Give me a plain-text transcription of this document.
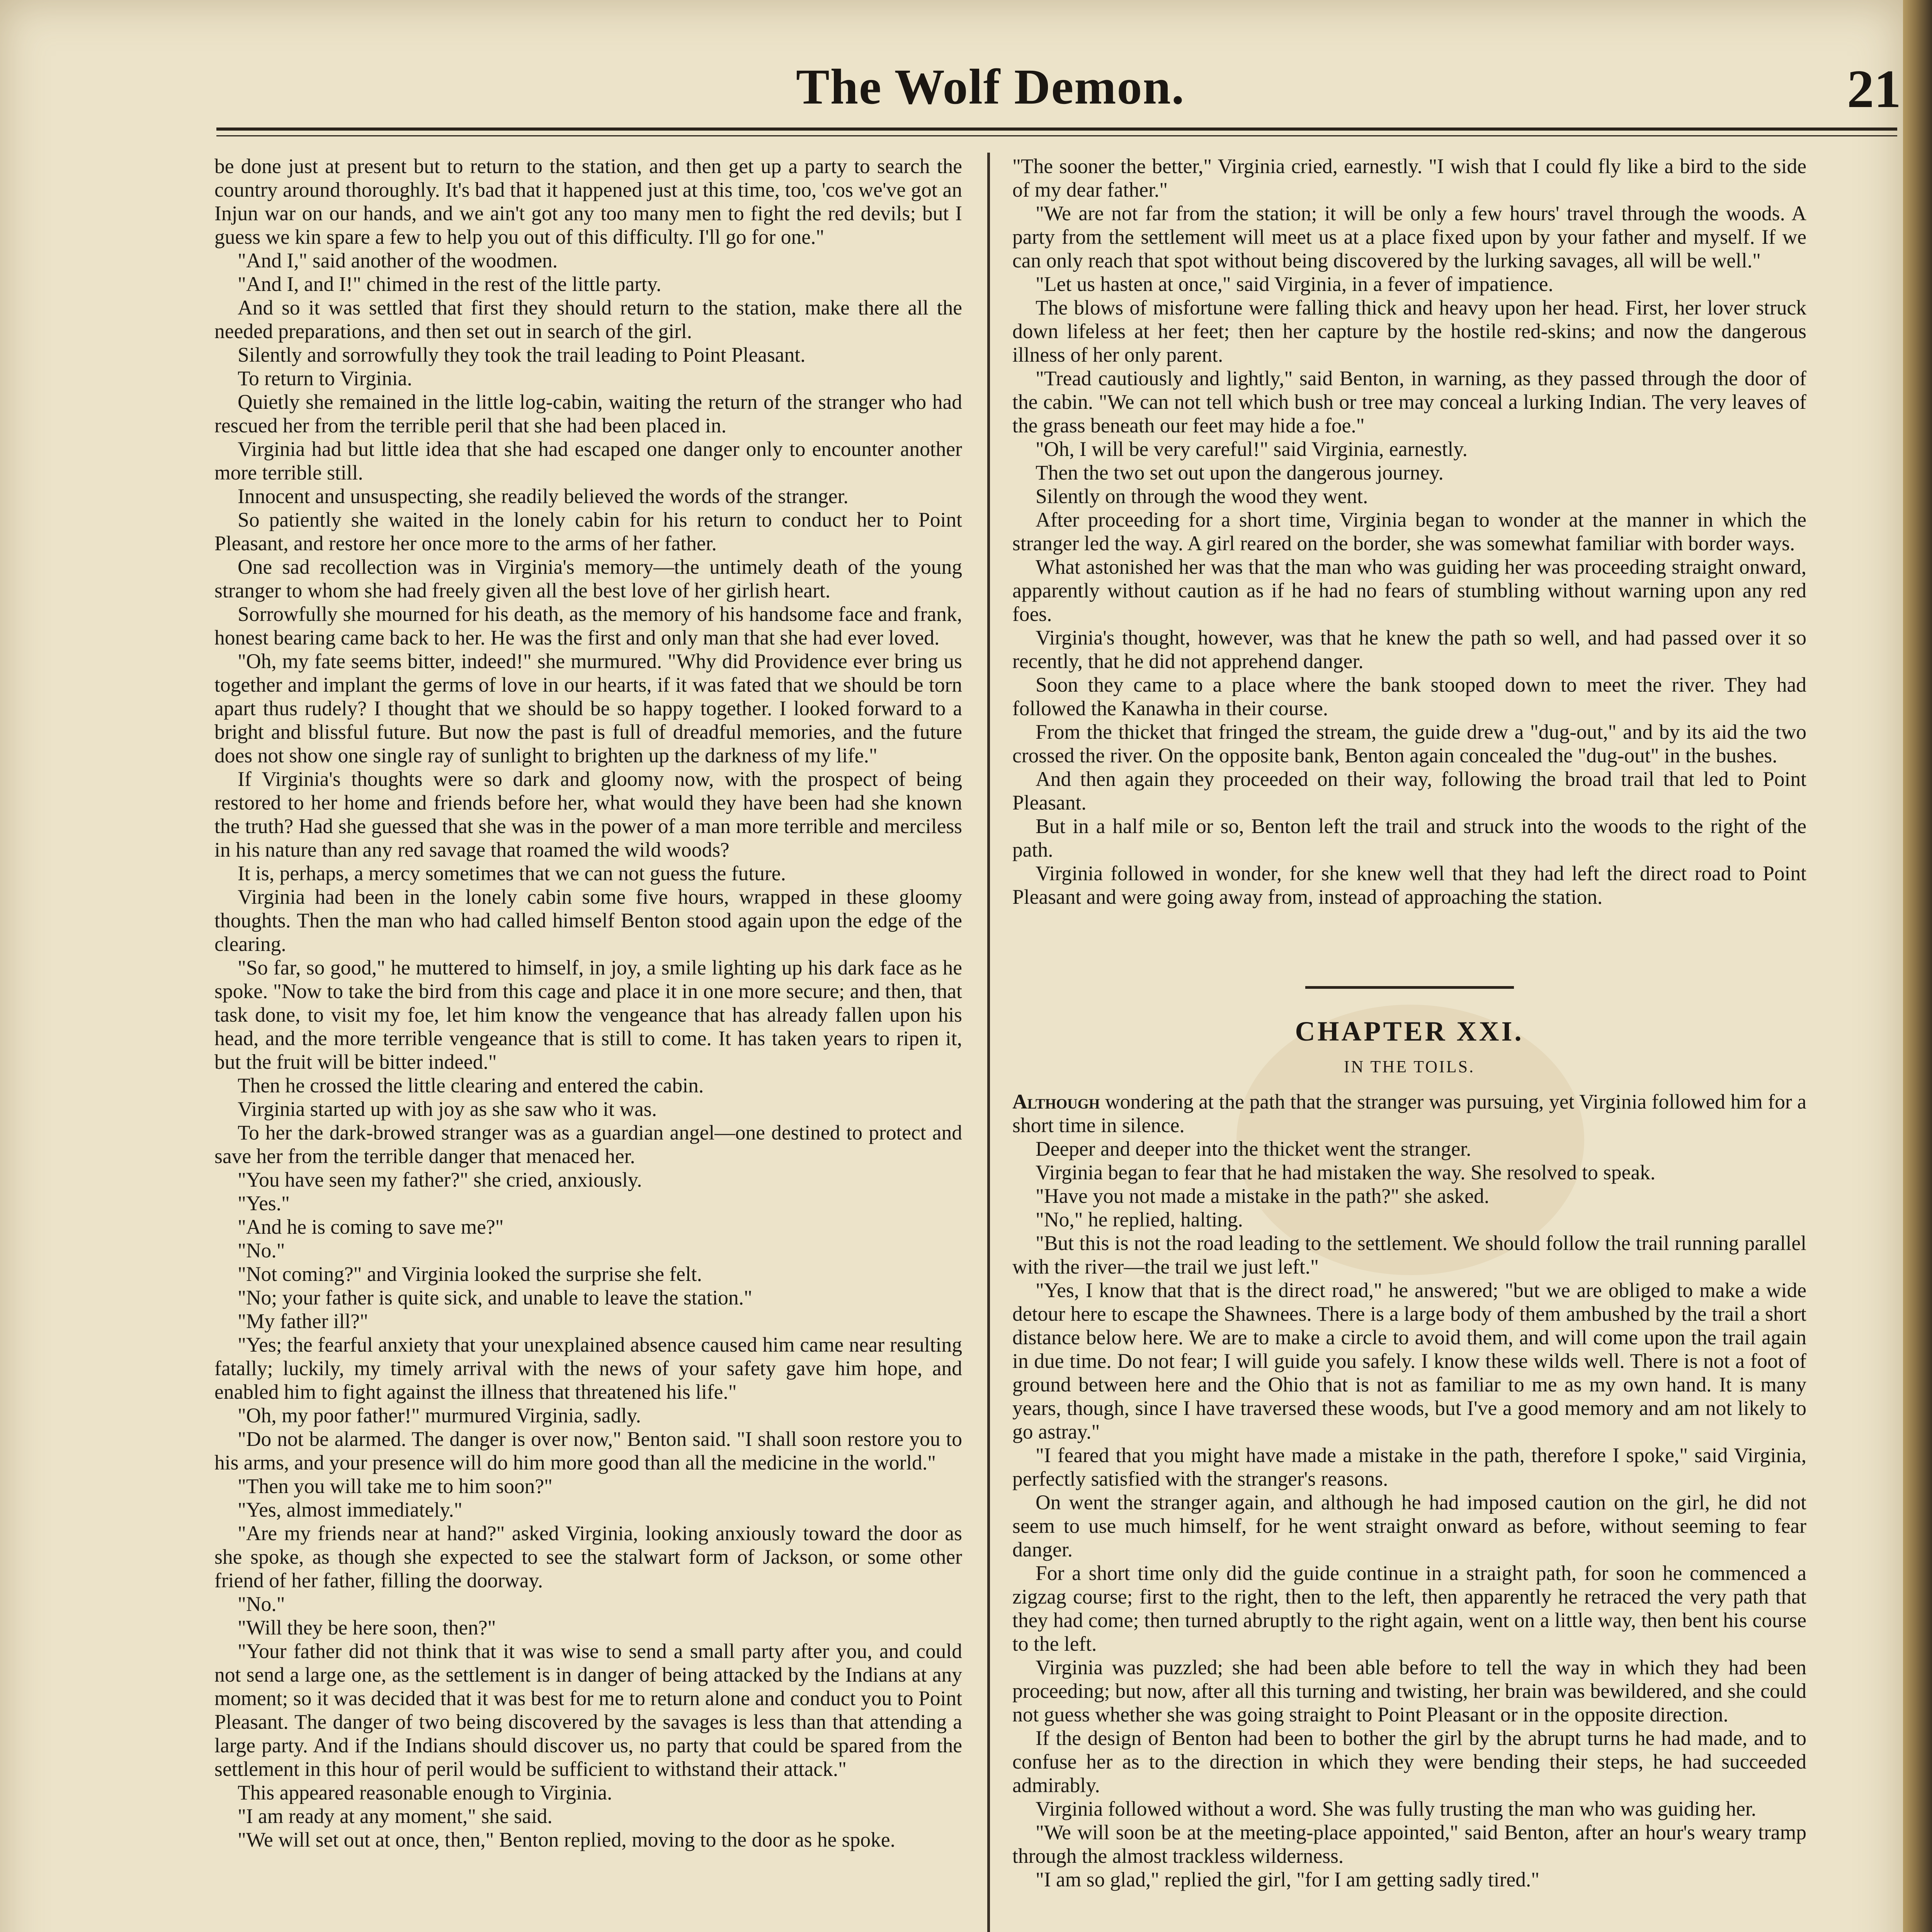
The Wolf Demon.	21

be done just at present but to return to the station, and then get up a party to search the country around thoroughly. It's bad that it happened just at this time, too, 'cos we've got an Injun war on our hands, and we ain't got any too many men to fight the red devils; but I guess we kin spare a few to help you out of this difficulty. I'll go for one."

"And I," said another of the woodmen.

"And I, and I!" chimed in the rest of the little party.

And so it was settled that first they should return to the station, make there all the needed preparations, and then set out in search of the girl.

Silently and sorrowfully they took the trail leading to Point Pleasant.

To return to Virginia.

Quietly she remained in the little log-cabin, waiting the return of the stranger who had rescued her from the terrible peril that she had been placed in.

Virginia had but little idea that she had escaped one danger only to encounter another more terrible still.

Innocent and unsuspecting, she readily believed the words of the stranger.

So patiently she waited in the lonely cabin for his return to conduct her to Point Pleasant, and restore her once more to the arms of her father.

One sad recollection was in Virginia's memory—the untimely death of the young stranger to whom she had freely given all the best love of her girlish heart.

Sorrowfully she mourned for his death, as the memory of his handsome face and frank, honest bearing came back to her. He was the first and only man that she had ever loved.

"Oh, my fate seems bitter, indeed!" she murmured. "Why did Providence ever bring us together and implant the germs of love in our hearts, if it was fated that we should be torn apart thus rudely? I thought that we should be so happy together. I looked forward to a bright and blissful future. But now the past is full of dreadful memories, and the future does not show one single ray of sunlight to brighten up the darkness of my life."

If Virginia's thoughts were so dark and gloomy now, with the prospect of being restored to her home and friends before her, what would they have been had she known the truth? Had she guessed that she was in the power of a man more terrible and merciless in his nature than any red savage that roamed the wild woods?

It is, perhaps, a mercy sometimes that we can not guess the future.

Virginia had been in the lonely cabin some five hours, wrapped in these gloomy thoughts. Then the man who had called himself Benton stood again upon the edge of the clearing.

"So far, so good," he muttered to himself, in joy, a smile lighting up his dark face as he spoke. "Now to take the bird from this cage and place it in one more secure; and then, that task done, to visit my foe, let him know the vengeance that has already fallen upon his head, and the more terrible vengeance that is still to come. It has taken years to ripen it, but the fruit will be bitter indeed."

Then he crossed the little clearing and entered the cabin.

Virginia started up with joy as she saw who it was.

To her the dark-browed stranger was as a guardian angel—one destined to protect and save her from the terrible danger that menaced her.

"You have seen my father?" she cried, anxiously.

"Yes."

"And he is coming to save me?"

"No."

"Not coming?" and Virginia looked the surprise she felt.

"No; your father is quite sick, and unable to leave the station."

"My father ill?"

"Yes; the fearful anxiety that your unexplained absence caused him came near resulting fatally; luckily, my timely arrival with the news of your safety gave him hope, and enabled him to fight against the illness that threatened his life."

"Oh, my poor father!" murmured Virginia, sadly.

"Do not be alarmed. The danger is over now," Benton said. "I shall soon restore you to his arms, and your presence will do him more good than all the medicine in the world."

"Then you will take me to him soon?"

"Yes, almost immediately."

"Are my friends near at hand?" asked Virginia, looking anxiously toward the door as she spoke, as though she expected to see the stalwart form of Jackson, or some other friend of her father, filling the doorway.

"No."

"Will they be here soon, then?"

"Your father did not think that it was wise to send a small party after you, and could not send a large one, as the settlement is in danger of being attacked by the Indians at any moment; so it was decided that it was best for me to return alone and conduct you to Point Pleasant. The danger of two being discovered by the savages is less than that attending a large party. And if the Indians should discover us, no party that could be spared from the settlement in this hour of peril would be sufficient to withstand their attack."

This appeared reasonable enough to Virginia.

"I am ready at any moment," she said.

"We will set out at once, then," Benton replied, moving to the door as he spoke.

"The sooner the better," Virginia cried, earnestly. "I wish that I could fly like a bird to the side of my dear father."

"We are not far from the station; it will be only a few hours' travel through the woods. A party from the settlement will meet us at a place fixed upon by your father and myself. If we can only reach that spot without being discovered by the lurking savages, all will be well."

"Let us hasten at once," said Virginia, in a fever of impatience.

The blows of misfortune were falling thick and heavy upon her head. First, her lover struck down lifeless at her feet; then her capture by the hostile red-skins; and now the dangerous illness of her only parent.

"Tread cautiously and lightly," said Benton, in warning, as they passed through the door of the cabin. "We can not tell which bush or tree may conceal a lurking Indian. The very leaves of the grass beneath our feet may hide a foe."

"Oh, I will be very careful!" said Virginia, earnestly.

Then the two set out upon the dangerous journey.

Silently on through the wood they went.

After proceeding for a short time, Virginia began to wonder at the manner in which the stranger led the way. A girl reared on the border, she was somewhat familiar with border ways.

What astonished her was that the man who was guiding her was proceeding straight onward, apparently without caution as if he had no fears of stumbling without warning upon any red foes.

Virginia's thought, however, was that he knew the path so well, and had passed over it so recently, that he did not apprehend danger.

Soon they came to a place where the bank stooped down to meet the river. They had followed the Kanawha in their course.

From the thicket that fringed the stream, the guide drew a "dug-out," and by its aid the two crossed the river. On the opposite bank, Benton again concealed the "dug-out" in the bushes.

And then again they proceeded on their way, following the broad trail that led to Point Pleasant.

But in a half mile or so, Benton left the trail and struck into the woods to the right of the path.

Virginia followed in wonder, for she knew well that they had left the direct road to Point Pleasant and were going away from, instead of approaching the station.

CHAPTER XXI.
IN THE TOILS.

Although wondering at the path that the stranger was pursuing, yet Virginia followed him for a short time in silence.

Deeper and deeper into the thicket went the stranger.

Virginia began to fear that he had mistaken the way. She resolved to speak.

"Have you not made a mistake in the path?" she asked.

"No," he replied, halting.

"But this is not the road leading to the settlement. We should follow the trail running parallel with the river—the trail we just left."

"Yes, I know that that is the direct road," he answered; "but we are obliged to make a wide detour here to escape the Shawnees. There is a large body of them ambushed by the trail a short distance below here. We are to make a circle to avoid them, and will come upon the trail again in due time. Do not fear; I will guide you safely. I know these wilds well. There is not a foot of ground between here and the Ohio that is not as familiar to me as my own hand. It is many years, though, since I have traversed these woods, but I've a good memory and am not likely to go astray."

"I feared that you might have made a mistake in the path, therefore I spoke," said Virginia, perfectly satisfied with the stranger's reasons.

On went the stranger again, and although he had imposed caution on the girl, he did not seem to use much himself, for he went straight onward as before, without seeming to fear danger.

For a short time only did the guide continue in a straight path, for soon he commenced a zigzag course; first to the right, then to the left, then apparently he retraced the very path that they had come; then turned abruptly to the right again, went on a little way, then bent his course to the left.

Virginia was puzzled; she had been able before to tell the way in which they had been proceeding; but now, after all this turning and twisting, her brain was bewildered, and she could not guess whether she was going straight to Point Pleasant or in the opposite direction.

If the design of Benton had been to bother the girl by the abrupt turns he had made, and to confuse her as to the direction in which they were bending their steps, he had succeeded admirably.

Virginia followed without a word. She was fully trusting the man who was guiding her.

"We will soon be at the meeting-place appointed," said Benton, after an hour's weary tramp through the almost trackless wilderness.

"I am so glad," replied the girl, "for I am getting sadly tired."
